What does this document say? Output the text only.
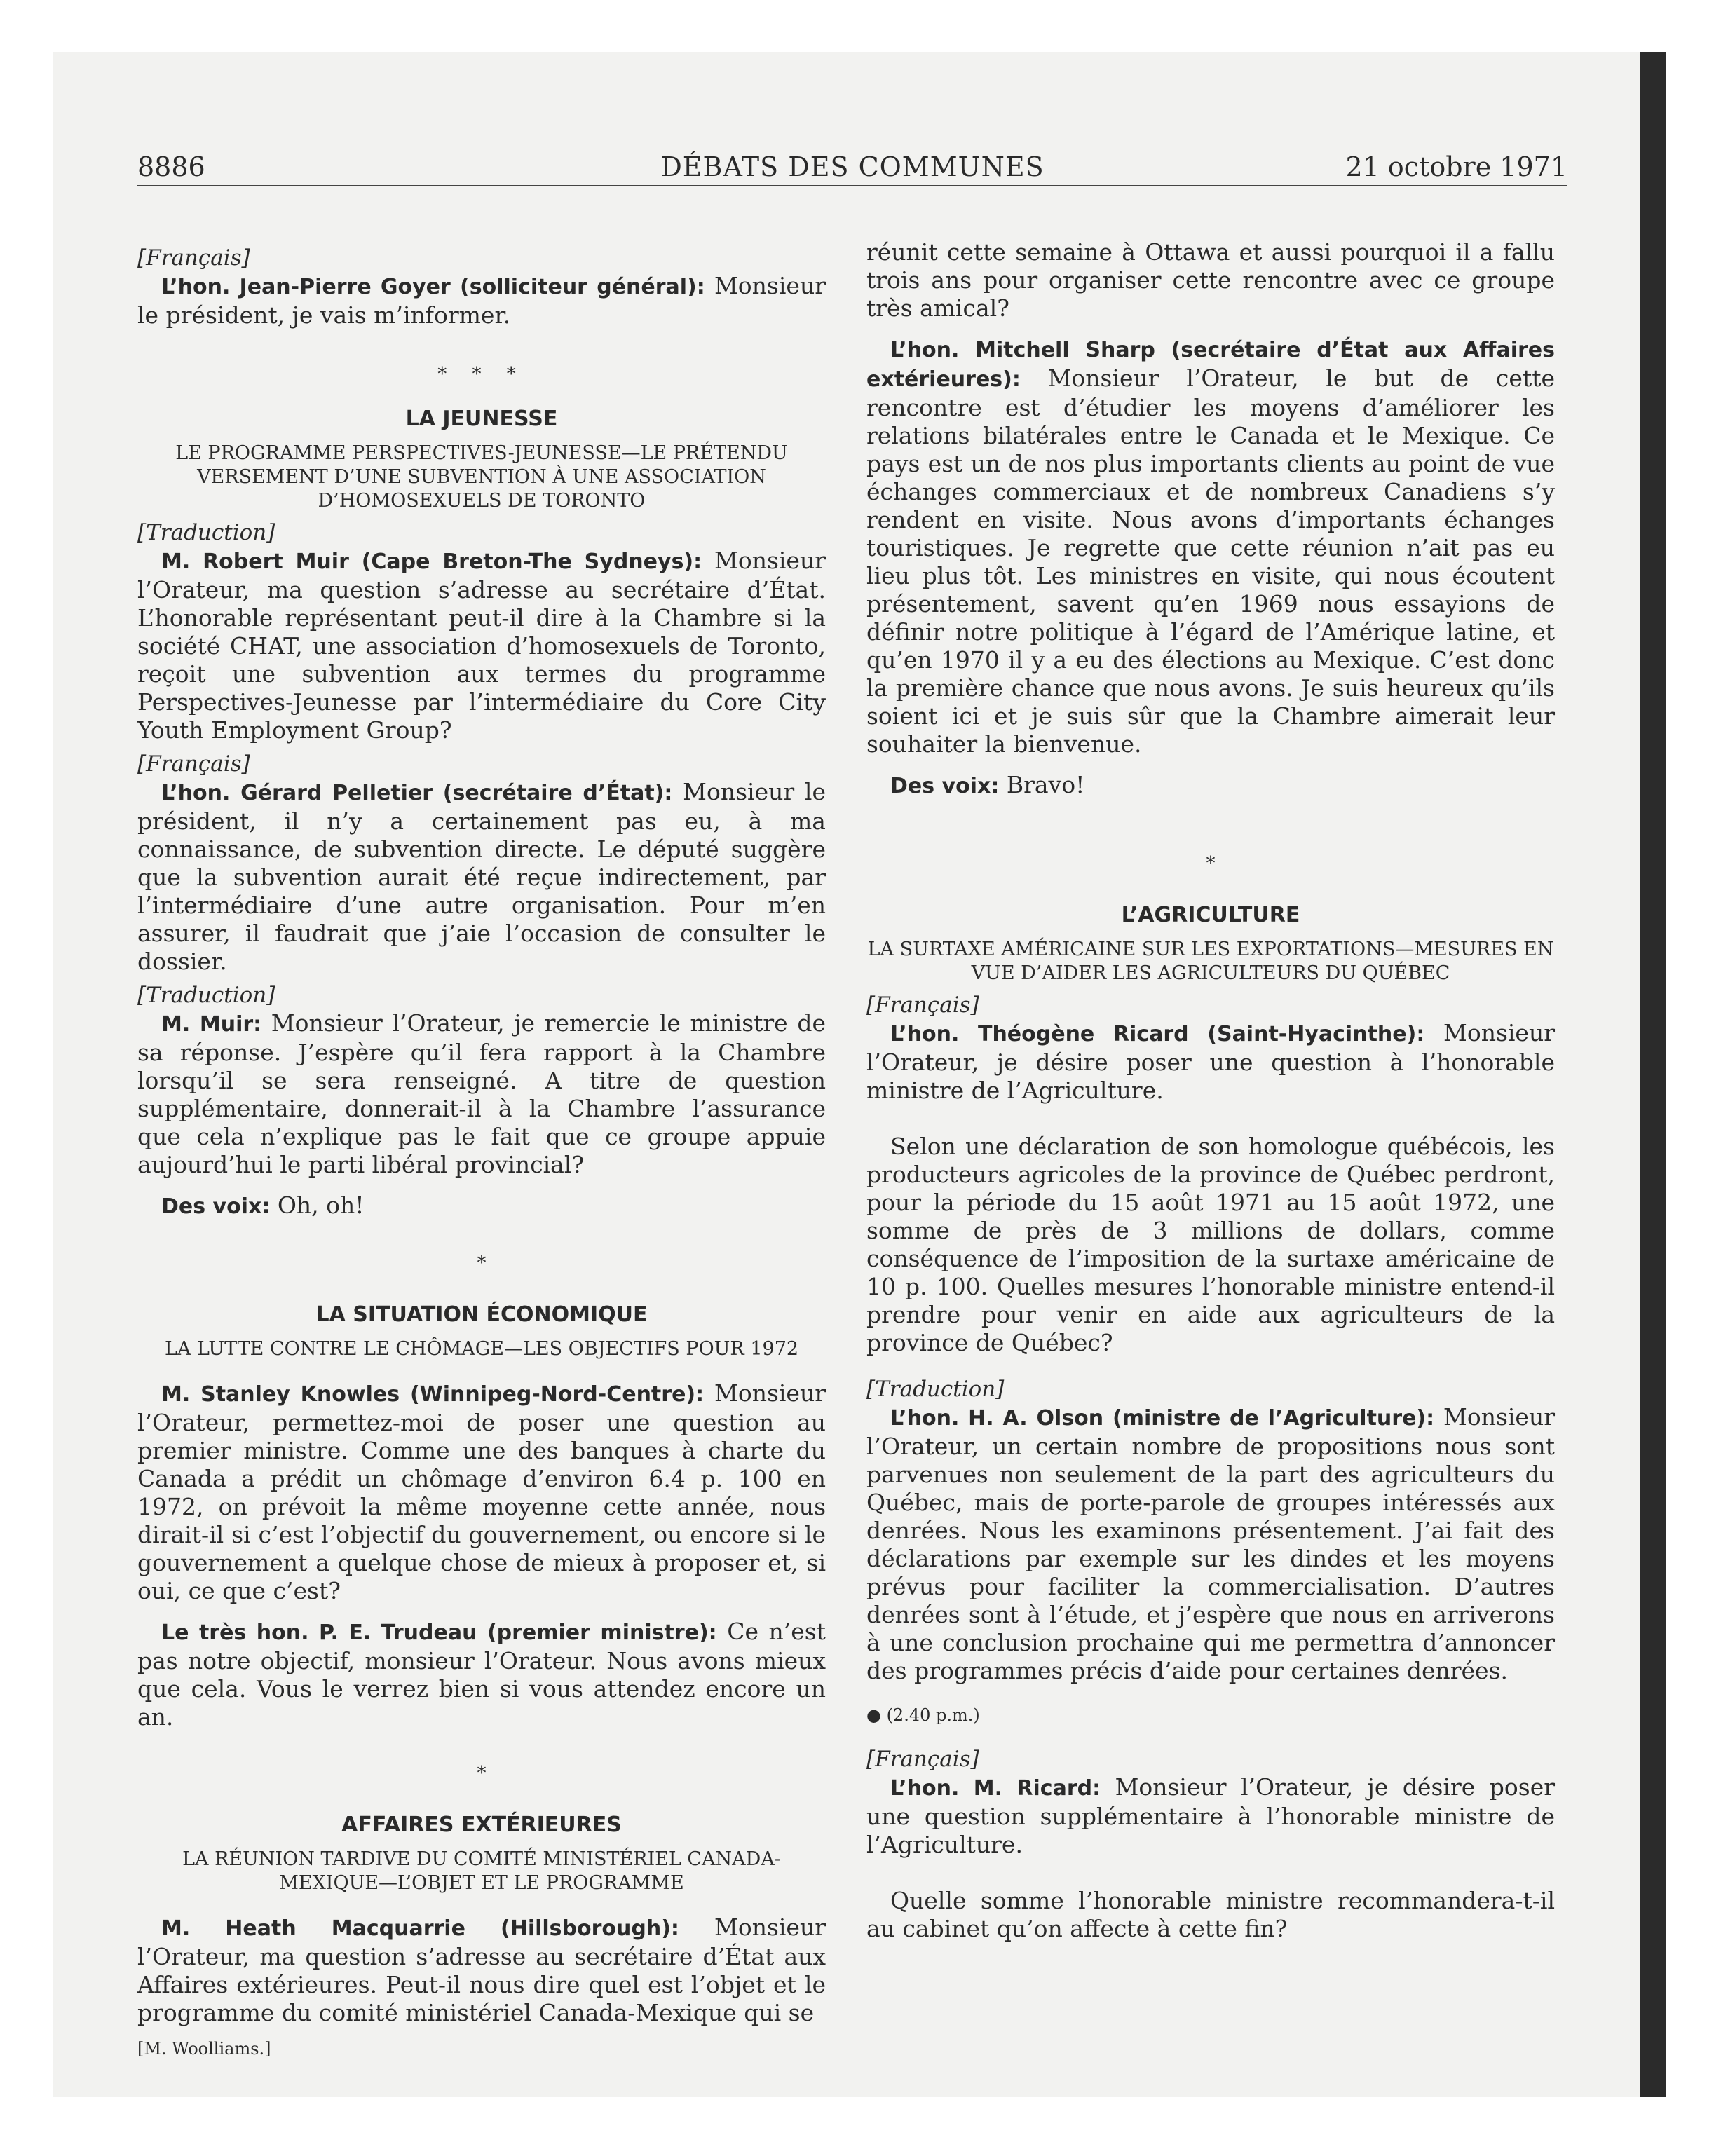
8886	DÉBATS DES COMMUNES	21 octobre 1971

[Français]

L’hon. Jean-Pierre Goyer (solliciteur général): Monsieur le président, je vais m’informer.

* * *
LA JEUNESSE
LE PROGRAMME PERSPECTIVES-JEUNESSE—LE PRÉTENDU VERSEMENT D’UNE SUBVENTION À UNE ASSOCIATION D’HOMOSEXUELS DE TORONTO

[Traduction]

M. Robert Muir (Cape Breton-The Sydneys): Monsieur l’Orateur, ma question s’adresse au secrétaire d’État. L’honorable représentant peut-il dire à la Chambre si la société CHAT, une association d’homosexuels de Toronto, reçoit une subvention aux termes du programme Perspectives-Jeunesse par l’intermédiaire du Core City Youth Employment Group?

[Français]

L’hon. Gérard Pelletier (secrétaire d’État): Monsieur le président, il n’y a certainement pas eu, à ma connaissance, de subvention directe. Le député suggère que la subvention aurait été reçue indirectement, par l’intermédiaire d’une autre organisation. Pour m’en assurer, il faudrait que j’aie l’occasion de consulter le dossier.

[Traduction]

M. Muir: Monsieur l’Orateur, je remercie le ministre de sa réponse. J’espère qu’il fera rapport à la Chambre lorsqu’il se sera renseigné. A titre de question supplémentaire, donnerait-il à la Chambre l’assurance que cela n’explique pas le fait que ce groupe appuie aujourd’hui le parti libéral provincial?

Des voix: Oh, oh!

*
LA SITUATION ÉCONOMIQUE
LA LUTTE CONTRE LE CHÔMAGE—LES OBJECTIFS POUR 1972

M. Stanley Knowles (Winnipeg-Nord-Centre): Monsieur l’Orateur, permettez-moi de poser une question au premier ministre. Comme une des banques à charte du Canada a prédit un chômage d’environ 6.4 p. 100 en 1972, on prévoit la même moyenne cette année, nous dirait-il si c’est l’objectif du gouvernement, ou encore si le gouvernement a quelque chose de mieux à proposer et, si oui, ce que c’est?

Le très hon. P. E. Trudeau (premier ministre): Ce n’est pas notre objectif, monsieur l’Orateur. Nous avons mieux que cela. Vous le verrez bien si vous attendez encore un an.

*
AFFAIRES EXTÉRIEURES
LA RÉUNION TARDIVE DU COMITÉ MINISTÉRIEL CANADA-MEXIQUE—L’OBJET ET LE PROGRAMME

M. Heath Macquarrie (Hillsborough): Monsieur l’Orateur, ma question s’adresse au secrétaire d’État aux Affaires extérieures. Peut-il nous dire quel est l’objet et le programme du comité ministériel Canada-Mexique qui se

[M. Woolliams.]

réunit cette semaine à Ottawa et aussi pourquoi il a fallu trois ans pour organiser cette rencontre avec ce groupe très amical?

L’hon. Mitchell Sharp (secrétaire d’État aux Affaires extérieures): Monsieur l’Orateur, le but de cette rencontre est d’étudier les moyens d’améliorer les relations bilatérales entre le Canada et le Mexique. Ce pays est un de nos plus importants clients au point de vue échanges commerciaux et de nombreux Canadiens s’y rendent en visite. Nous avons d’importants échanges touristiques. Je regrette que cette réunion n’ait pas eu lieu plus tôt. Les ministres en visite, qui nous écoutent présentement, savent qu’en 1969 nous essayions de définir notre politique à l’égard de l’Amérique latine, et qu’en 1970 il y a eu des élections au Mexique. C’est donc la première chance que nous avons. Je suis heureux qu’ils soient ici et je suis sûr que la Chambre aimerait leur souhaiter la bienvenue.

Des voix: Bravo!

*
L’AGRICULTURE
LA SURTAXE AMÉRICAINE SUR LES EXPORTATIONS—MESURES EN VUE D’AIDER LES AGRICULTEURS DU QUÉBEC

[Français]

L’hon. Théogène Ricard (Saint-Hyacinthe): Monsieur l’Orateur, je désire poser une question à l’honorable ministre de l’Agriculture.

Selon une déclaration de son homologue québécois, les producteurs agricoles de la province de Québec perdront, pour la période du 15 août 1971 au 15 août 1972, une somme de près de 3 millions de dollars, comme conséquence de l’imposition de la surtaxe américaine de 10 p. 100. Quelles mesures l’honorable ministre entend-il prendre pour venir en aide aux agriculteurs de la province de Québec?

[Traduction]

L’hon. H. A. Olson (ministre de l’Agriculture): Monsieur l’Orateur, un certain nombre de propositions nous sont parvenues non seulement de la part des agriculteurs du Québec, mais de porte-parole de groupes intéressés aux denrées. Nous les examinons présentement. J’ai fait des déclarations par exemple sur les dindes et les moyens prévus pour faciliter la commercialisation. D’autres denrées sont à l’étude, et j’espère que nous en arriverons à une conclusion prochaine qui me permettra d’annoncer des programmes précis d’aide pour certaines denrées.

● (2.40 p.m.)

[Français]

L’hon. M. Ricard: Monsieur l’Orateur, je désire poser une question supplémentaire à l’honorable ministre de l’Agriculture.

Quelle somme l’honorable ministre recommandera-t-il au cabinet qu’on affecte à cette fin?
